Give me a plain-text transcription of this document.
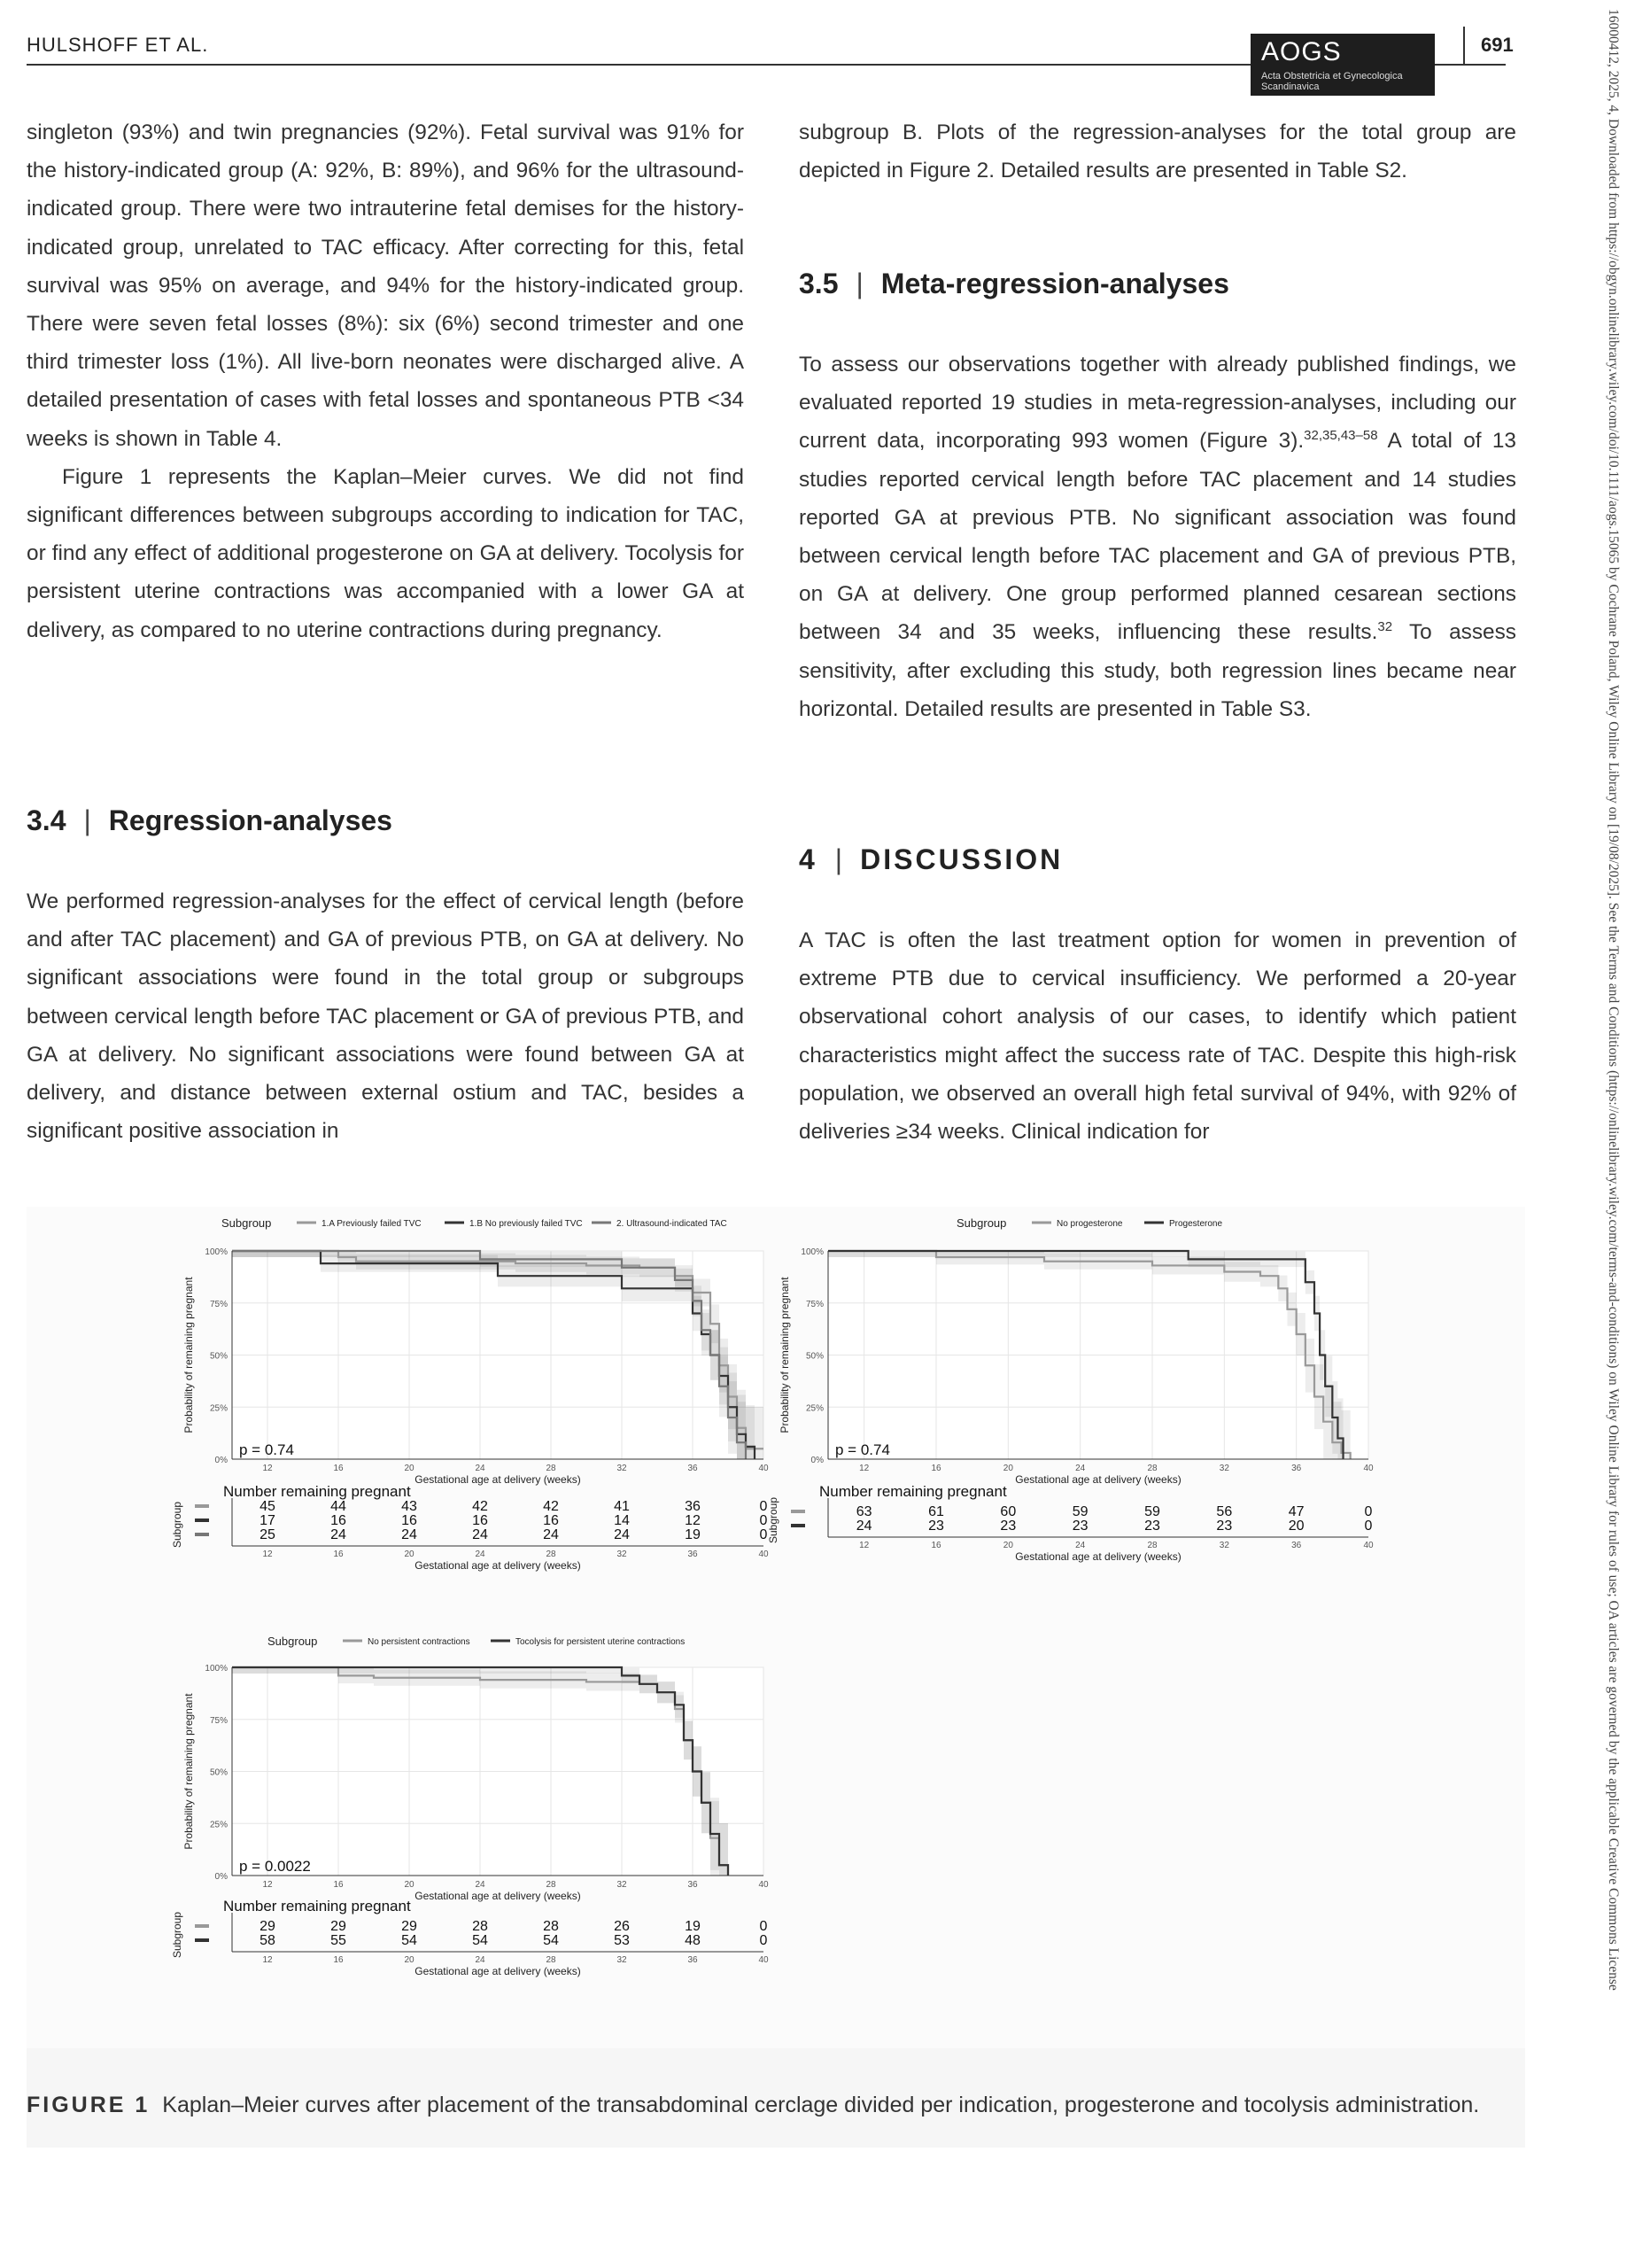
HULSHOFF ET AL.	AOGS
Acta Obstetricia et Gynecologica
Scandinavica
691	16000412, 2025, 4, Downloaded from https://obgyn.onlinelibrary.wiley.com/doi/10.1111/aogs.15065 by Cochrane Poland, Wiley Online Library on [19/08/2025]. See the Terms and Conditions (https://onlinelibrary.wiley.com/terms-and-conditions) on Wiley Online Library for rules of use; OA articles are governed by the applicable Creative Commons License

singleton (93%) and twin pregnancies (92%). Fetal survival was 91% for the history-indicated group (A: 92%, B: 89%), and 96% for the ultrasound-indicated group. There were two intrauterine fetal demises for the history-indicated group, unrelated to TAC efficacy. After correcting for this, fetal survival was 95% on average, and 94% for the history-indicated group. There were seven fetal losses (8%): six (6%) second trimester and one third trimester loss (1%). All live-born neonates were discharged alive. A detailed presentation of cases with fetal losses and spontaneous PTB <34 weeks is shown in Table 4.

Figure 1 represents the Kaplan–Meier curves. We did not find significant differences between subgroups according to indication for TAC, or find any effect of additional progesterone on GA at delivery. Tocolysis for persistent uterine contractions was accompanied with a lower GA at delivery, as compared to no uterine contractions during pregnancy.

3.4 | Regression-analyses

We performed regression-analyses for the effect of cervical length (before and after TAC placement) and GA of previous PTB, on GA at delivery. No significant associations were found in the total group or subgroups between cervical length before TAC placement or GA of previous PTB, and GA at delivery. No significant associations were found between GA at delivery, and distance between external ostium and TAC, besides a significant positive association in

subgroup B. Plots of the regression-analyses for the total group are depicted in Figure 2. Detailed results are presented in Table S2.

3.5 | Meta-regression-analyses

To assess our observations together with already published findings, we evaluated reported 19 studies in meta-regression-analyses, including our current data, incorporating 993 women (Figure 3).$^{32,35,43-58}$ A total of 13 studies reported cervical length before TAC placement and 14 studies reported GA at previous PTB. No significant association was found between cervical length before TAC placement and GA of previous PTB, on GA at delivery. One group performed planned cesarean sections between 34 and 35 weeks, influencing these results.$^{32}$ To assess sensitivity, after excluding this study, both regression lines became near horizontal. Detailed results are presented in Table S3.

4 | DISCUSSION

A TAC is often the last treatment option for women in prevention of extreme PTB due to cervical insufficiency. We performed a 20-year observational cohort analysis of our cases, to identify which patient characteristics might affect the success rate of TAC. Despite this high-risk population, we observed an overall high fetal survival of 94%, with 92% of deliveries ≥34 weeks. Clinical indication for

Subgroup	1.A Previously failed TVC	1.B No previously failed TVC	2. Ultrasound-indicated TAC
12	16	20	24	28	32	36	40
0%
25%
50%
75%
100%
Gestational age at delivery (weeks)
Probability of remaining pregnant
p = 0.74
Number remaining pregnant
45	44	43	42	42	41	36	0
17	16	16	16	16	14	12	0
25	24	24	24	24	24	19	0
12	16	20	24	28	32	36	40
Gestational age at delivery (weeks)
Subgroup
Subgroup	No progesterone	Progesterone
12	16	20	24	28	32	36	40
0%
25%
50%
75%
100%
Gestational age at delivery (weeks)
Probability of remaining pregnant
p = 0.74
Number remaining pregnant
63	61	60	59	59	56	47	0
24	23	23	23	23	23	20	0
12	16	20	24	28	32	36	40
Gestational age at delivery (weeks)
Subgroup
Subgroup	No persistent contractions	Tocolysis for persistent uterine contractions
12	16	20	24	28	32	36	40
0%
25%
50%
75%
100%
Gestational age at delivery (weeks)
Probability of remaining pregnant
p = 0.0022
Number remaining pregnant
29	29	29	28	28	26	19	0
58	55	54	54	54	53	48	0
12	16	20	24	28	32	36	40
Gestational age at delivery (weeks)
Subgroup
FIGURE 1 Kaplan–Meier curves after placement of the transabdominal cerclage divided per indication, progesterone and tocolysis administration.
